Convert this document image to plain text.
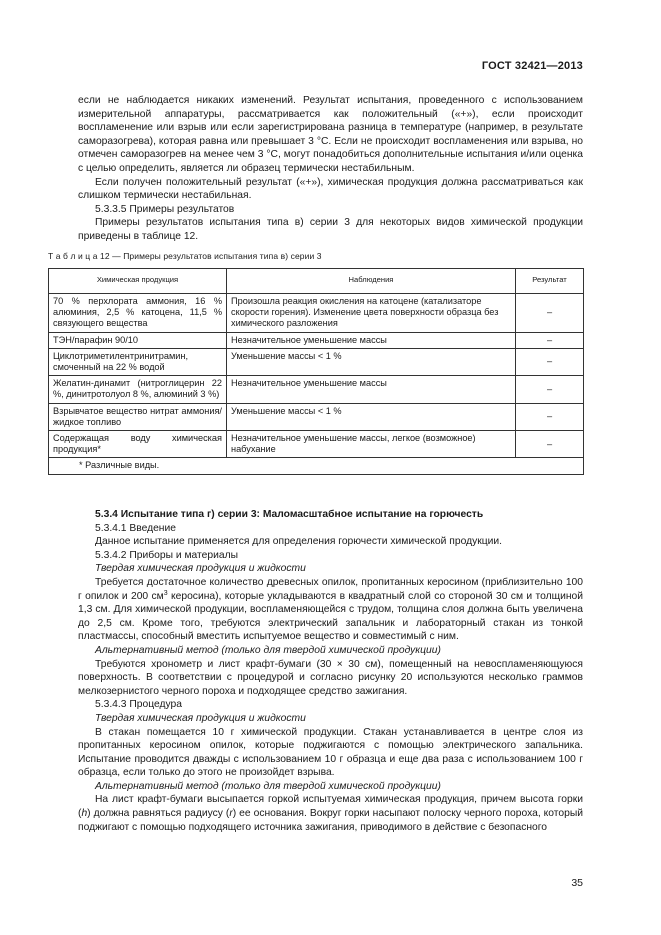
ГОСТ 32421—2013

если не наблюдается никаких изменений. Результат испытания, проведенного с использованием измерительной аппаратуры, рассматривается как положительный («+»), если происходит воспламенение или взрыв или если зарегистрирована разница в температуре (например, в результате саморазогрева), которая равна или превышает 3 °С. Если не происходит воспламенения или взрыва, но отмечен саморазогрев на менее чем 3 °С, могут понадобиться дополнительные испытания и/или оценка с целью определить, является ли образец термически нестабильным.

Если получен положительный результат («+»), химическая продукция должна рассматриваться как слишком термически нестабильная.

5.3.3.5 Примеры результатов

Примеры результатов испытания типа в) серии 3 для некоторых видов химической продукции приведены в таблице 12.

Т а б л и ц а 12 — Примеры результатов испытания типа в) серии 3
Химическая продукция	Наблюдения	Результат
70 % перхлората аммония, 16 % алюминия, 2,5 % катоцена, 11,5 % связующего вещества	Произошла реакция окисления на катоцене (катализаторе скорости горения). Изменение цвета поверхности образца без химического разложения	–
ТЭН/парафин 90/10	Незначительное уменьшение массы	–
Циклотриметилентринитрамин, смоченный на 22 % водой	Уменьшение массы < 1 %	–
Желатин-динамит (нитроглицерин 22 %, динитротолуол 8 %, алюминий 3 %)	Незначительное уменьшение массы	–
Взрывчатое вещество нитрат аммония/жидкое топливо	Уменьшение массы < 1 %	–
Содержащая воду химическая продукция*	Незначительное уменьшение массы, легкое (возможное) набухание	–
* Различные виды.		

5.3.4 Испытание типа г) серии 3: Маломасштабное испытание на горючесть

5.3.4.1 Введение

Данное испытание применяется для определения горючести химической продукции.

5.3.4.2 Приборы и материалы

Твердая химическая продукция и жидкости

Требуется достаточное количество древесных опилок, пропитанных керосином (приблизительно 100 г опилок и 200 $см^3$ керосина), которые укладываются в квадратный слой со стороной 30 см и толщиной 1,3 см. Для химической продукции, воспламеняющейся с трудом, толщина слоя должна быть увеличена до 2,5 см. Кроме того, требуются электрический запальник и лабораторный стакан из тонкой пластмассы, способный вместить испытуемое вещество и совместимый с ним.

Альтернативный метод (только для твердой химической продукции)

Требуются хронометр и лист крафт-бумаги (30 × 30 см), помещенный на невоспламеняющуюся поверхность. В соответствии с процедурой и согласно рисунку 20 используются несколько граммов мелкозернистого черного пороха и подходящее средство зажигания.

5.3.4.3 Процедура

Твердая химическая продукция и жидкости

В стакан помещается 10 г химической продукции. Стакан устанавливается в центре слоя из пропитанных керосином опилок, которые поджигаются с помощью электрического запальника. Испытание проводится дважды с использованием 10 г образца и еще два раза с использованием 100 г образца, если только до этого не произойдет взрыва.

Альтернативный метод (только для твердой химической продукции)

На лист крафт-бумаги высыпается горкой испытуемая химическая продукция, причем высота горки (h) должна равняться радиусу (r) ее основания. Вокруг горки насыпают полоску черного пороха, который поджигают с помощью подходящего источника зажигания, приводимого в действие с безопасного

35
